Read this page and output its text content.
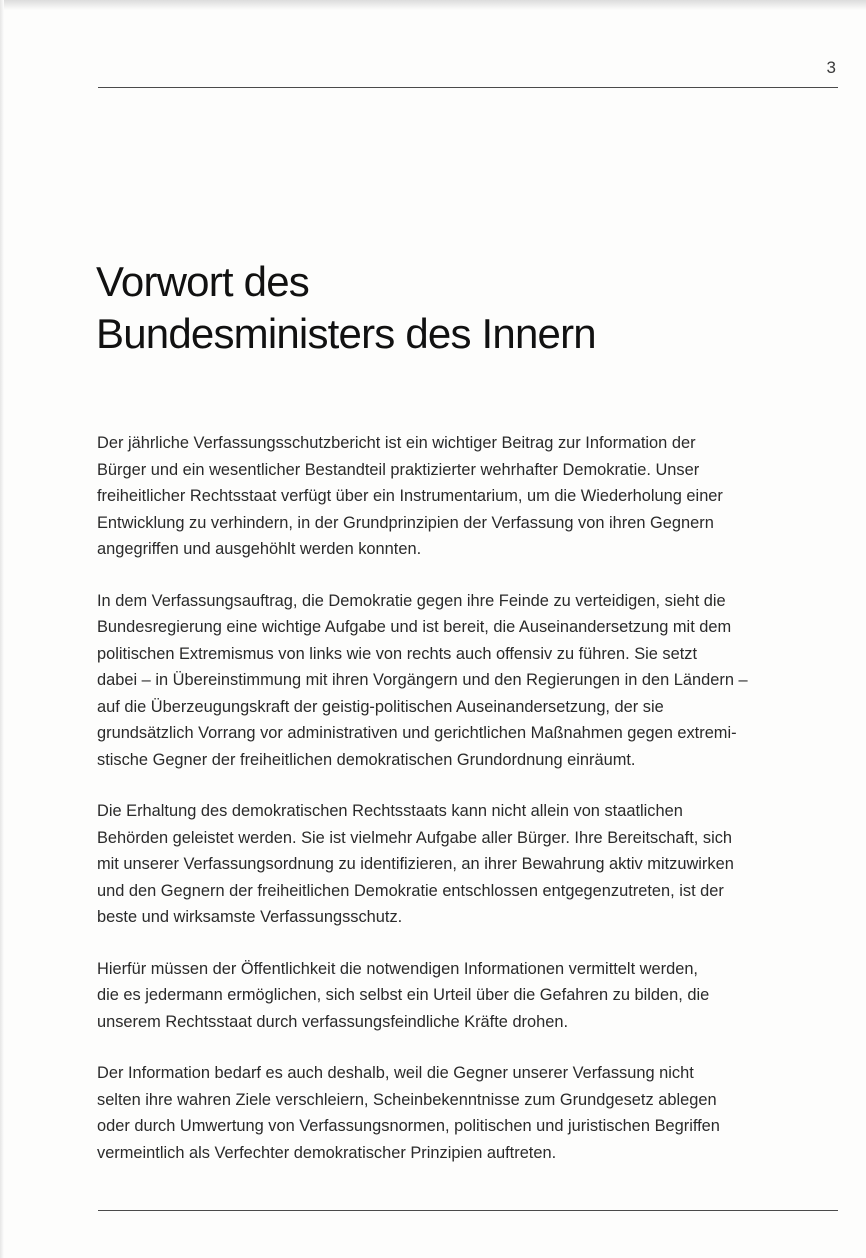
3
Vorwort des
Bundesministers des Innern

Der jährliche Verfassungsschutzbericht ist ein wichtiger Beitrag zur Information der
Bürger und ein wesentlicher Bestandteil praktizierter wehrhafter Demokratie. Unser
freiheitlicher Rechtsstaat verfügt über ein Instrumentarium, um die Wiederholung einer
Entwicklung zu verhindern, in der Grundprinzipien der Verfassung von ihren Gegnern
angegriffen und ausgehöhlt werden konnten.

In dem Verfassungsauftrag, die Demokratie gegen ihre Feinde zu verteidigen, sieht die
Bundesregierung eine wichtige Aufgabe und ist bereit, die Auseinandersetzung mit dem
politischen Extremismus von links wie von rechts auch offensiv zu führen. Sie setzt
dabei – in Übereinstimmung mit ihren Vorgängern und den Regierungen in den Ländern –
auf die Überzeugungskraft der geistig-politischen Auseinandersetzung, der sie
grundsätzlich Vorrang vor administrativen und gerichtlichen Maßnahmen gegen extremi-
stische Gegner der freiheitlichen demokratischen Grundordnung einräumt.

Die Erhaltung des demokratischen Rechtsstaats kann nicht allein von staatlichen
Behörden geleistet werden. Sie ist vielmehr Aufgabe aller Bürger. Ihre Bereitschaft, sich
mit unserer Verfassungsordnung zu identifizieren, an ihrer Bewahrung aktiv mitzuwirken
und den Gegnern der freiheitlichen Demokratie entschlossen entgegenzutreten, ist der
beste und wirksamste Verfassungsschutz.

Hierfür müssen der Öffentlichkeit die notwendigen Informationen vermittelt werden,
die es jedermann ermöglichen, sich selbst ein Urteil über die Gefahren zu bilden, die
unserem Rechtsstaat durch verfassungsfeindliche Kräfte drohen.

Der Information bedarf es auch deshalb, weil die Gegner unserer Verfassung nicht
selten ihre wahren Ziele verschleiern, Scheinbekenntnisse zum Grundgesetz ablegen
oder durch Umwertung von Verfassungsnormen, politischen und juristischen Begriffen
vermeintlich als Verfechter demokratischer Prinzipien auftreten.
